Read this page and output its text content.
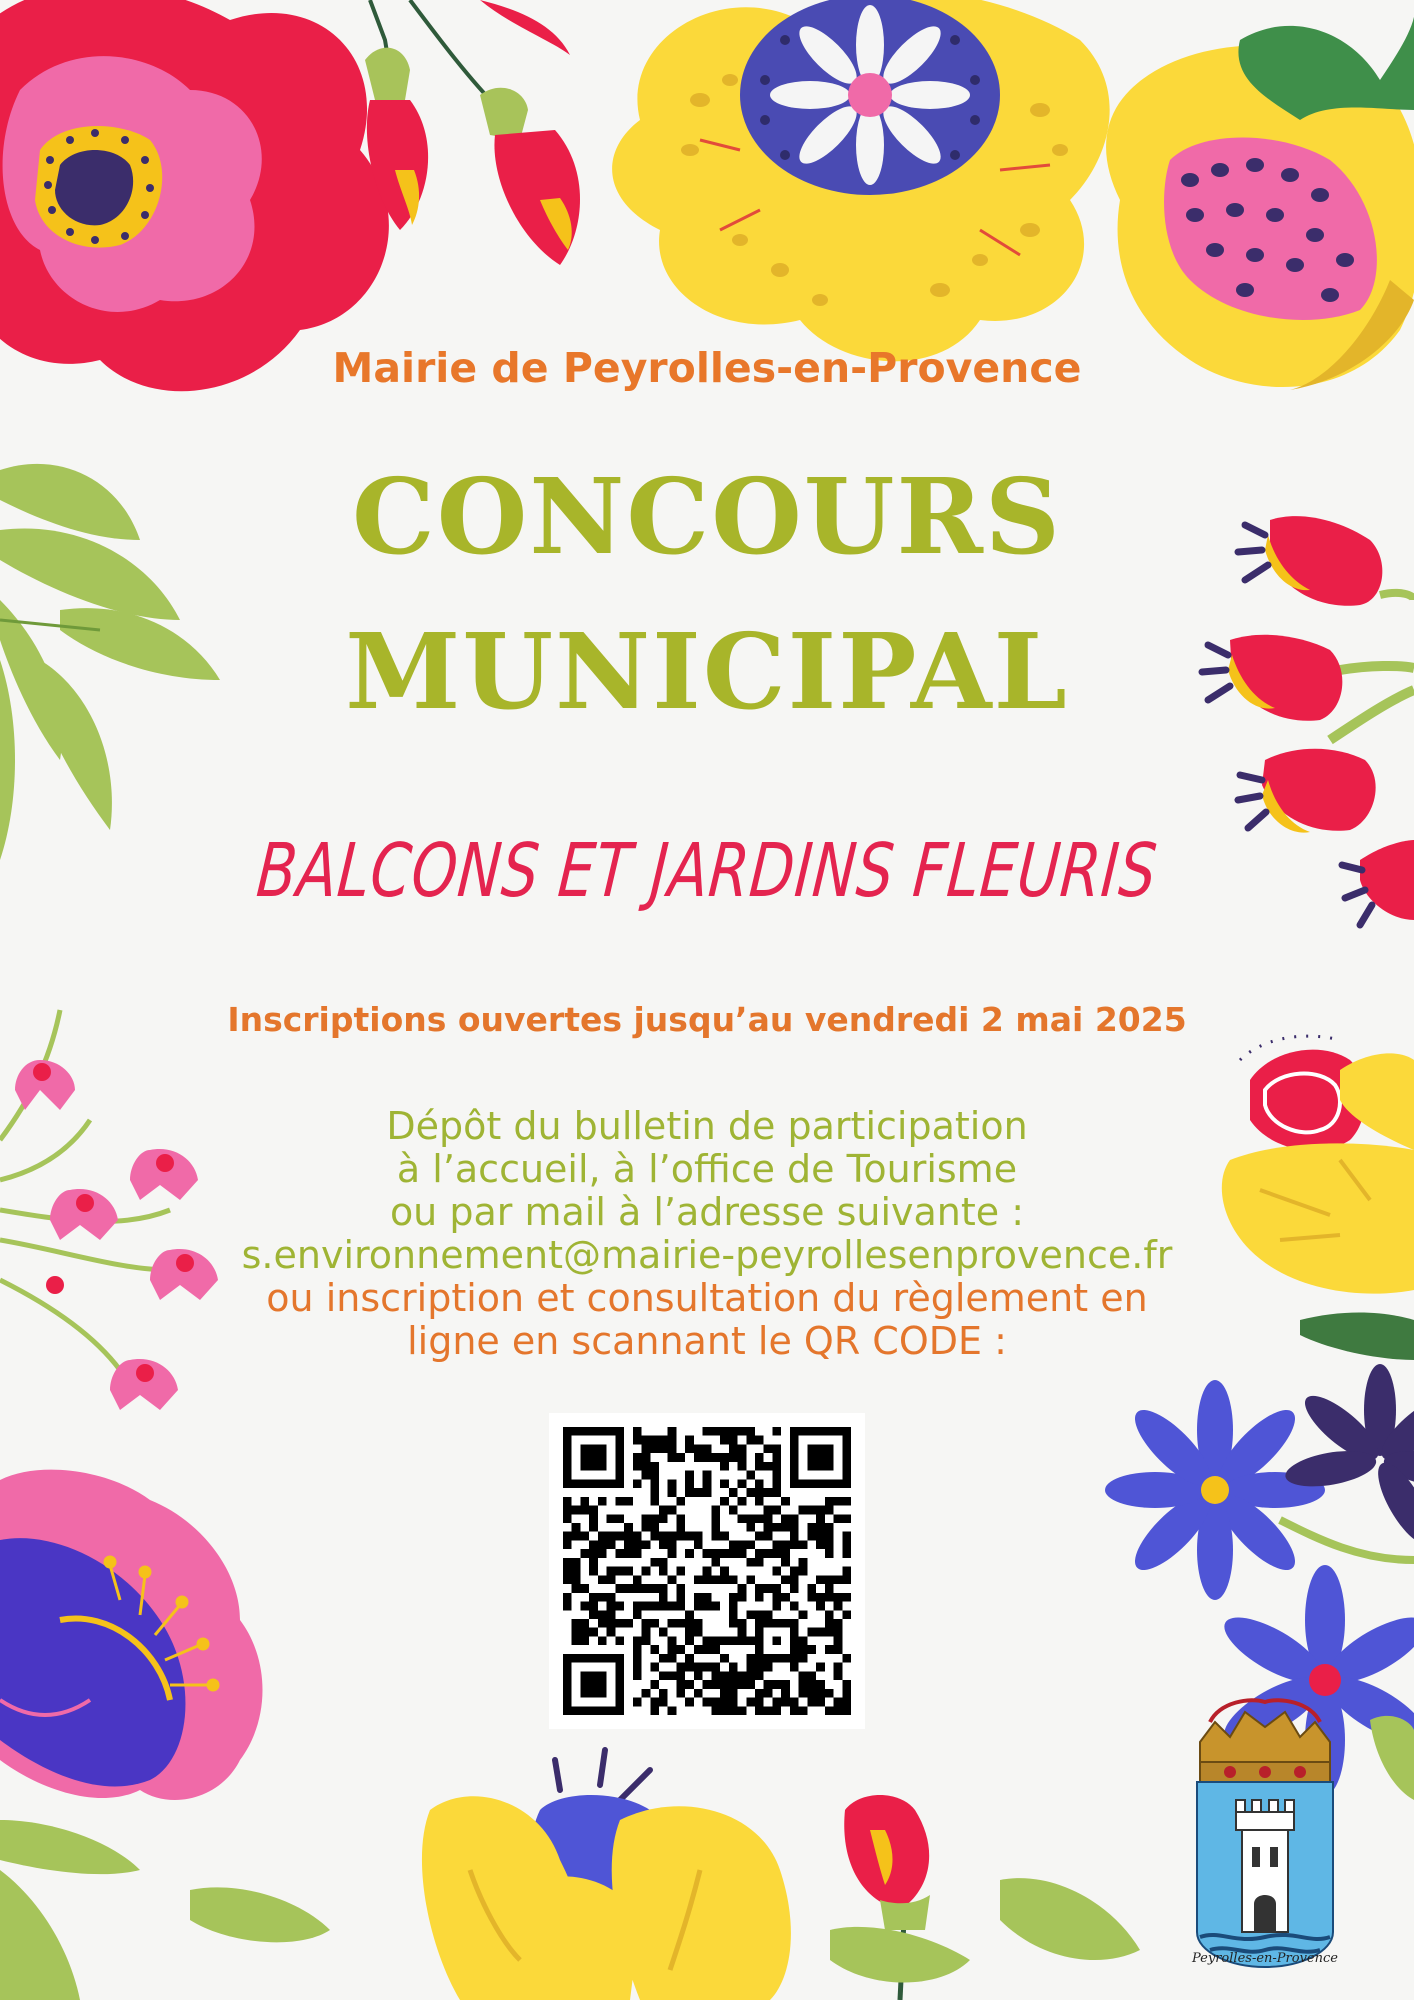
Mairie de Peyrolles-en-Provence

CONCOURS

MUNICIPAL

BALCONS ET JARDINS FLEURIS

Inscriptions ouvertes jusqu’au vendredi 2 mai 2025

Dépôt du bulletin de participation
à l’accueil, à l’office de Tourisme
ou par mail à l’adresse suivante :
s.environnement@mairie-peyrollesenprovence.fr
ou inscription et consultation du règlement en
ligne en scannant le QR CODE :
Peyrolles-en-Provence
